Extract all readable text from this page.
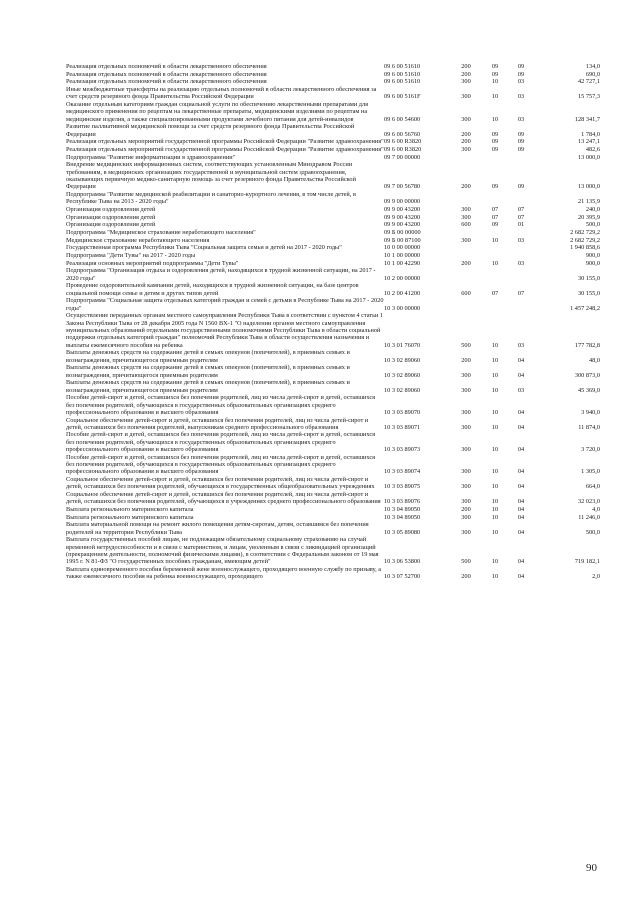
Реализация отдельных полномочий в области лекарственного обеспечения	09 6 00 51610	200	09	09	134,0
Реализация отдельных полномочий в области лекарственного обеспечения	09 6 00 51610	200	09	09	690,0
Реализация отдельных полномочий в области лекарственного обеспечения	09 6 00 51610	300	10	03	42 727,1
Иные межбюджетные трансферты на реализацию отдельных полномочий в области лекарственного обеспечения за счет средств резервного фонда Правительства Российской Федерации	09 6 00 5161F	300	10	03	15 757,3
Оказание отдельным категориям граждан социальной услуги по обеспечению лекарственными препаратами для медицинского применения по рецептам на лекарственные препараты, медицинскими изделиями по рецептам на медицинские изделия, а также специализированными продуктами лечебного питания для детей-инвалидов	09 6 00 54600	300	10	03	128 341,7
Развитие паллиативной медицинской помощи за счет средств резервного фонда Правительства Российской Федерации	09 6 00 56760	200	09	09	1 784,0
Реализация отдельных мероприятий государственной программы Российской Федерации "Развитие здравоохранения"	09 6 00 R3820	200	09	09	13 247,1
Реализация отдельных мероприятий государственной программы Российской Федерации "Развитие здравоохранения"	09 6 00 R3820	300	09	09	482,6
Подпрограмма "Развитие информатизации в здравоохранении"	09 7 00 00000				13 000,0
Внедрение медицинских информационных систем, соответствующих установленным Минздравом России требованиям, в медицинских организациях государственной и муниципальной систем здравоохранения, оказывающих первичную медико-санитарную помощь за счет резервного фонда Правительства Российской Федерации	09 7 00 56780	200	09	09	13 000,0
Подпрограмма "Развитие медицинской реабилитации и санаторно-курортного лечения, в том числе детей, в Республике Тыва на 2013 - 2020 годы"	09 9 00 00000				21 135,9
Организация оздоровления детей	09 9 00 43200	300	07	07	240,0
Организация оздоровления детей	09 9 00 43200	300	07	07	20 395,9
Организация оздоровления детей	09 9 00 43200	600	09	01	500,0
Подпрограмма "Медицинское страхование неработающего населения"	09 Б 00 00000				2 682 729,2
Медицинское страхование неработающего населения	09 Б 00 87100	300	10	03	2 682 729,2
Государственная программа Республики Тыва "Социальная защита семьи и детей на 2017 - 2020 годы"	10 0 00 00000				1 940 858,6
Подпрограмма "Дети Тувы" на 2017 - 2020 годы	10 1 00 00000				900,0
Реализация основных мероприятий подпрограммы "Дети Тувы"	10 1 00 42290	200	10	03	900,0
Подпрограмма "Организация отдыха и оздоровления детей, находящихся в трудной жизненной ситуации, на 2017 - 2020 годы"	10 2 00 00000				30 155,0
Проведение оздоровительной кампании детей, находящихся в трудной жизненной ситуации, на базе центров социальной помощи семье и детям и других типов детей	10 2 00 41200	600	07	07	30 155,0
Подпрограмма "Социальная защита отдельных категорий граждан и семей с детьми в Республике Тыва на 2017 - 2020 годы"	10 3 00 00000				1 457 248,2
Осуществление переданных органам местного самоуправления Республики Тыва в соответствии с пунктом 4 статьи 1 Закона Республики Тыва от 28 декабря 2005 года N 1560 ВХ-1 "О наделении органов местного самоуправления муниципальных образований отдельными государственными полномочиями Республики Тыва в области социальной поддержки отдельных категорий граждан" полномочий Республики Тыва в области осуществления назначения и выплаты ежемесячного пособия на ребенка	10 3 01 76070	500	10	03	177 782,8
Выплаты денежных средств на содержание детей в семьях опекунов (попечителей), в приемных семьях и вознаграждения, причитающегося приемным родителям	10 3 02 89060	200	10	04	48,0
Выплаты денежных средств на содержание детей в семьях опекунов (попечителей), в приемных семьях и вознаграждения, причитающегося приемным родителям	10 3 02 89060	300	10	04	300 873,0
Выплаты денежных средств на содержание детей в семьях опекунов (попечителей), в приемных семьях и вознаграждения, причитающегося приемным родителям	10 3 02 89060	300	10	03	45 369,0
Пособие детей-сирот и детей, оставшихся без попечения родителей, лиц из числа детей-сирот и детей, оставшихся без попечения родителей, обучающихся в государственных образовательных организациях среднего профессионального образования и высшего образования	10 3 03 89070	300	10	04	3 940,0
Социальное обеспечение детей-сирот и детей, оставшихся без попечения родителей, лиц из числа детей-сирот и детей, оставшихся без попечения родителей, выпускникам среднего профессионального образования	10 3 03 89071	300	10	04	11 874,0
Пособие детей-сирот и детей, оставшихся без попечения родителей, лиц из числа детей-сирот и детей, оставшихся без попечения родителей, обучающихся в государственных образовательных организациях среднего профессионального образования и высшего образования	10 3 03 89073	300	10	04	3 720,0
Пособие детей-сирот и детей, оставшихся без попечения родителей, лиц из числа детей-сирот и детей, оставшихся без попечения родителей, обучающихся в государственных образовательных организациях среднего профессионального образования и высшего образования	10 3 03 89074	300	10	04	1 305,0
Социальное обеспечение детей-сирот и детей, оставшихся без попечения родителей, лиц из числа детей-сирот и детей, оставшихся без попечения родителей, обучающихся в государственных общеобразовательных учреждениях	10 3 03 89075	300	10	04	664,0
Социальное обеспечение детей-сирот и детей, оставшихся без попечения родителей, лиц из числа детей-сирот и детей, оставшихся без попечения родителей, обучающихся в учреждениях среднего профессионального образования	10 3 03 89076	300	10	04	32 023,0
Выплата регионального материнского капитала	10 3 04 89050	200	10	04	4,0
Выплата регионального материнского капитала	10 3 04 89050	300	10	04	11 246,0
Выплата материальной помощи на ремонт жилого помещения детям-сиротам, детям, оставшимся без попечения родителей на территории Республики Тыва	10 3 05 89080	300	10	04	500,0
Выплата государственных пособий лицам, не подлежащим обязательному социальному страхованию на случай временной нетрудоспособности и в связи с материнством, и лицам, уволенным в связи с ликвидацией организаций (прекращением деятельности, полномочий физическими лицами), в соответствии с Федеральным законом от 19 мая 1995 г. N 81-ФЗ "О государственных пособиях гражданам, имеющим детей"	10 3 06 53800	500	10	04	719 182,1
Выплата единовременного пособия беременной жене военнослужащего, проходящего военную службу по призыву, а также ежемесячного пособия на ребенка военнослужащего, проходящего	10 3 07 52700	200	10	04	2,0
90
